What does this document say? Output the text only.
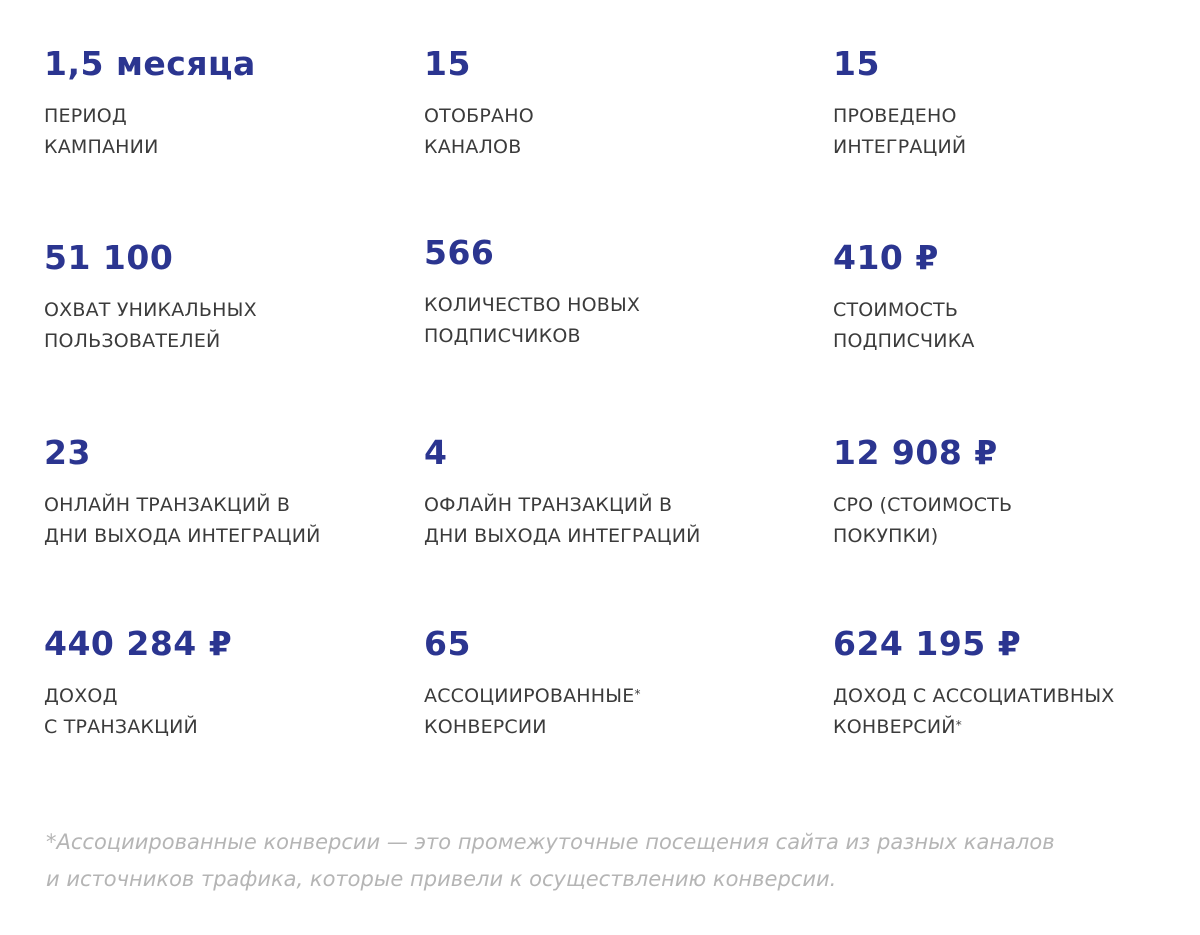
1,5 месяца
ПЕРИОД
КАМПАНИИ
15
ОТОБРАНО
КАНАЛОВ
15
ПРОВЕДЕНО
ИНТЕГРАЦИЙ
51 100
ОХВАТ УНИКАЛЬНЫХ
ПОЛЬЗОВАТЕЛЕЙ
566
КОЛИЧЕСТВО НОВЫХ
ПОДПИСЧИКОВ
410 ₽
СТОИМОСТЬ
ПОДПИСЧИКА
23
ОНЛАЙН ТРАНЗАКЦИЙ В
ДНИ ВЫХОДА ИНТЕГРАЦИЙ
4
ОФЛАЙН ТРАНЗАКЦИЙ В
ДНИ ВЫХОДА ИНТЕГРАЦИЙ
12 908 ₽
CPO (СТОИМОСТЬ
ПОКУПКИ)
440 284 ₽
ДОХОД
С ТРАНЗАКЦИЙ
65
АССОЦИИРОВАННЫЕ*
КОНВЕРСИИ
624 195 ₽
ДОХОД С АССОЦИАТИВНЫХ
КОНВЕРСИЙ*
*Ассоциированные конверсии — это промежуточные посещения сайта из разных каналов
и источников трафика, которые привели к осуществлению конверсии.
